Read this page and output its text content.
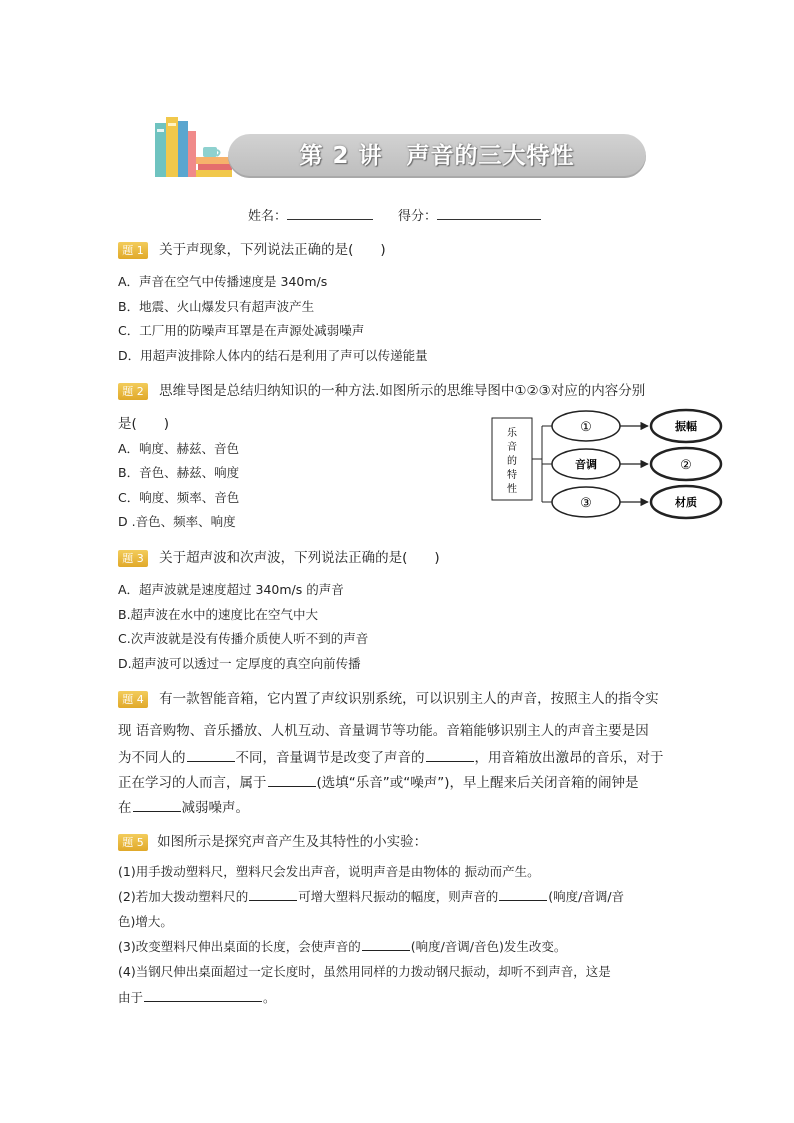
第 2 讲　声音的三大特性
姓名：	得分：
题 1 关于声现象，下列说法正确的是(　　)
A．声音在空气中传播速度是 340m/s
B．地震、火山爆发只有超声波产生
C．工厂用的防噪声耳罩是在声源处减弱噪声
D．用超声波排除人体内的结石是利用了声可以传递能量
题 2 思维导图是总结归纳知识的一种方法.如图所示的思维导图中①②③对应的内容分别
是(　　)
A．响度、赫兹、音色
B．音色、赫兹、响度
C．响度、频率、音色
D .音色、频率、响度
乐
音
的
特
性
①
音调
③
振幅
②
材质
题 3 关于超声波和次声波，下列说法正确的是(　　)
A．超声波就是速度超过 340m/s 的声音
B.超声波在水中的速度比在空气中大
C.次声波就是没有传播介质使人听不到的声音
D.超声波可以透过一 定厚度的真空向前传播
题 4 有一款智能音箱，它内置了声纹识别系统，可以识别主人的声音，按照主人的指令实
现 语音购物、音乐播放、人机互动、音量调节等功能。音箱能够识别主人的声音主要是因
为不同人的	不同，音量调节是改变了声音的	，用音箱放出激昂的音乐，对于
正在学习的人而言，属于	(选填“乐音”或“噪声”)，早上醒来后关闭音箱的闹钟是
在	减弱噪声。
题 5 如图所示是探究声音产生及其特性的小实验：
(1)用手拨动塑料尺，塑料尺会发出声音，说明声音是由物体的 振动而产生。
(2)若加大拨动塑料尺的	可增大塑料尺振动的幅度，则声音的	(响度/音调/音
色)增大。
(3)改变塑料尺伸出桌面的长度，会使声音的	(响度/音调/音色)发生改变。
(4)当钢尺伸出桌面超过一定长度时，虽然用同样的力拨动钢尺振动，却听不到声音，这是
由于	。
